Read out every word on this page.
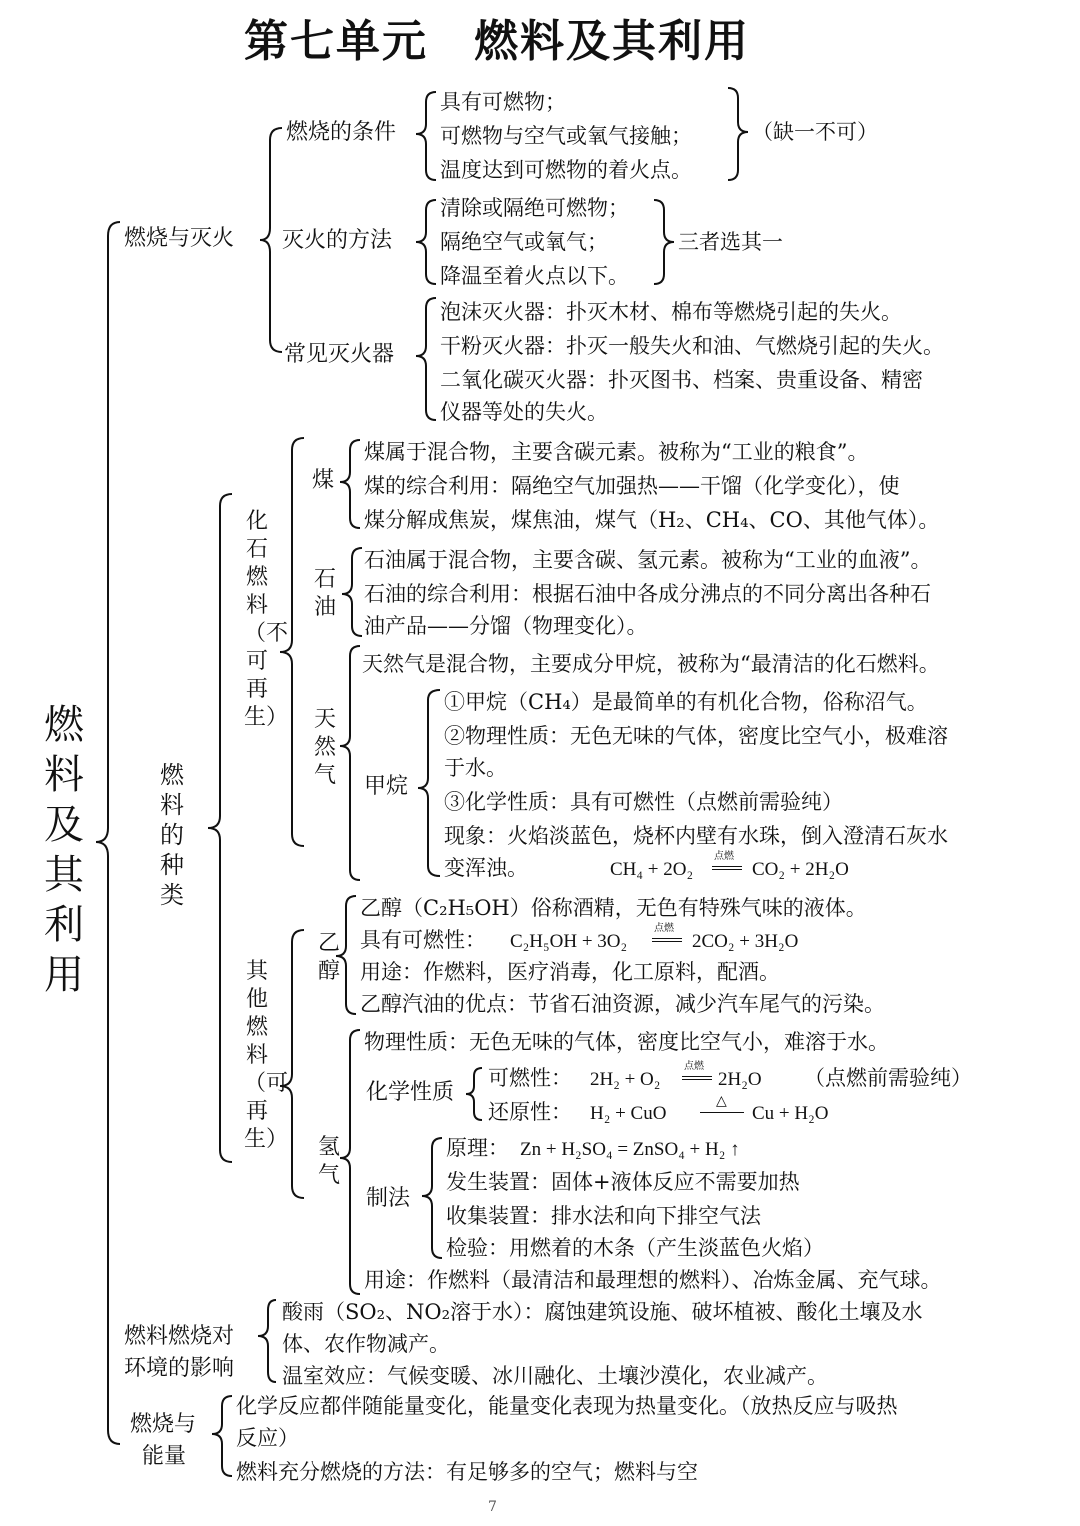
第七单元　燃料及其利用
燃料及其利用
燃烧与灭火
燃烧的条件
具有可燃物；
可燃物与空气或氧气接触；
温度达到可燃物的着火点。
（缺一不可）
灭火的方法
清除或隔绝可燃物；
隔绝空气或氧气；
降温至着火点以下。
三者选其一
常见灭火器
泡沫灭火器：扑灭木材、棉布等燃烧引起的失火。
干粉灭火器：扑灭一般失火和油、气燃烧引起的失火。
二氧化碳灭火器：扑灭图书、档案、贵重设备、精密
仪器等处的失火。
燃料的种类
化石燃料（不可再生）
煤
煤属于混合物，主要含碳元素。被称为“工业的粮食”。
煤的综合利用：隔绝空气加强热——干馏（化学变化），使
煤分解成焦炭，煤焦油，煤气（H₂、CH₄、CO、其他气体）。
石油
石油属于混合物，主要含碳、氢元素。被称为“工业的血液”。
石油的综合利用：根据石油中各成分沸点的不同分离出各种石
油产品——分馏（物理变化）。
天然气
天然气是混合物，主要成分甲烷，被称为“最清洁的化石燃料。
甲烷
①甲烷（CH₄）是最简单的有机化合物，俗称沼气。
②物理性质：无色无味的气体，密度比空气小，极难溶
于水。
③化学性质：具有可燃性（点燃前需验纯）
现象：火焰淡蓝色，烧杯内壁有水珠，倒入澄清石灰水
变浑浊。	CH₄ + 2O₂
点燃
CO₂ + 2H₂O
其他燃料（可再生）
乙醇
乙醇（C₂H₅OH）俗称酒精，无色有特殊气味的液体。
具有可燃性： C₂H₅OH + 3O₂
点燃
2CO₂ + 3H₂O
用途：作燃料，医疗消毒，化工原料，配酒。
乙醇汽油的优点：节省石油资源，减少汽车尾气的污染。
氢气
物理性质：无色无味的气体，密度比空气小，难溶于水。
化学性质
可燃性： 2H₂ + O₂
点燃
2H₂O （点燃前需验纯）
还原性： H₂ + CuO
△
Cu + H₂O
制法
原理： Zn + H₂SO₄ = ZnSO₄ + H₂ ↑
发生装置：固体+液体反应不需要加热
收集装置：排水法和向下排空气法
检验：用燃着的木条（产生淡蓝色火焰）
用途：作燃料（最清洁和最理想的燃料）、冶炼金属、充气球。
燃料燃烧对
环境的影响
酸雨（SO₂、NO₂溶于水）：腐蚀建筑设施、破坏植被、酸化土壤及水
体、农作物减产。
温室效应：气候变暖、冰川融化、土壤沙漠化，农业减产。
燃烧与
能量
化学反应都伴随能量变化，能量变化表现为热量变化。（放热反应与吸热
反应）
燃料充分燃烧的方法：有足够多的空气；燃料与空
7
